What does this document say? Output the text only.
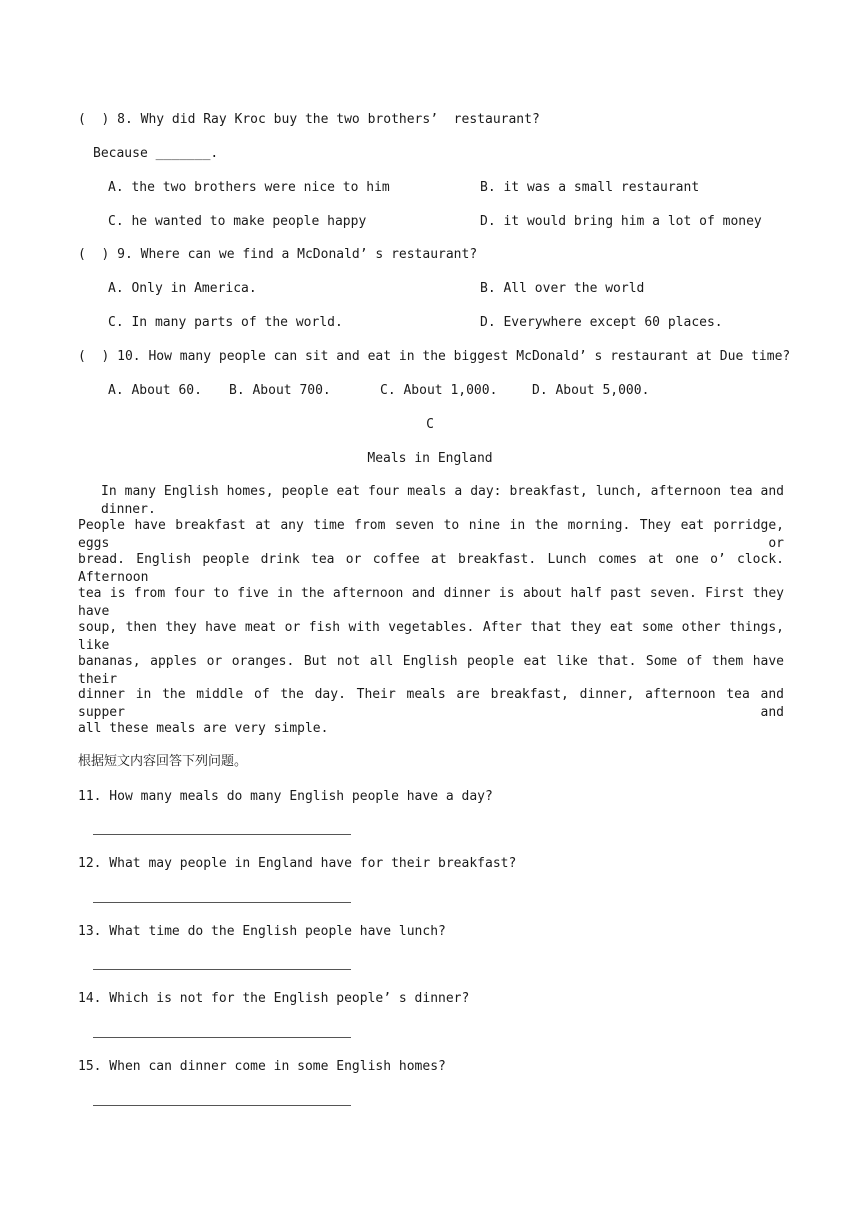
(  ) 8. Why did Ray Kroc buy the two brothers’  restaurant?
Because _______.
A. the two brothers were nice to him	B. it was a small restaurant
C. he wanted to make people happy	D. it would bring him a lot of money
(  ) 9. Where can we find a McDonald’ s restaurant?
A. Only in America.	B. All over the world
C. In many parts of the world.	D. Everywhere except 60 places.
(  ) 10. How many people can sit and eat in the biggest McDonald’ s restaurant at Due time?
A. About 60. B. About 700.	C. About 1,000.	D. About 5,000.
C
Meals in England
In many English homes, people eat four meals a day: breakfast, lunch, afternoon tea and dinner.
People have breakfast at any time from seven to nine in the morning. They eat porridge, eggs or
bread. English people drink tea or coffee at breakfast. Lunch comes at one o’ clock. Afternoon
tea is from four to five in the afternoon and dinner is about half past seven. First they have
soup, then they have meat or fish with vegetables. After that they eat some other things, like
bananas, apples or oranges. But not all English people eat like that. Some of them have their
dinner in the middle of the day. Their meals are breakfast, dinner, afternoon tea and supper and
all these meals are very simple.
根据短文内容回答下列问题。
11. How many meals do many English people have a day?
12. What may people in England have for their breakfast?
13. What time do the English people have lunch?
14. Which is not for the English people’ s dinner?
15. When can dinner come in some English homes?
